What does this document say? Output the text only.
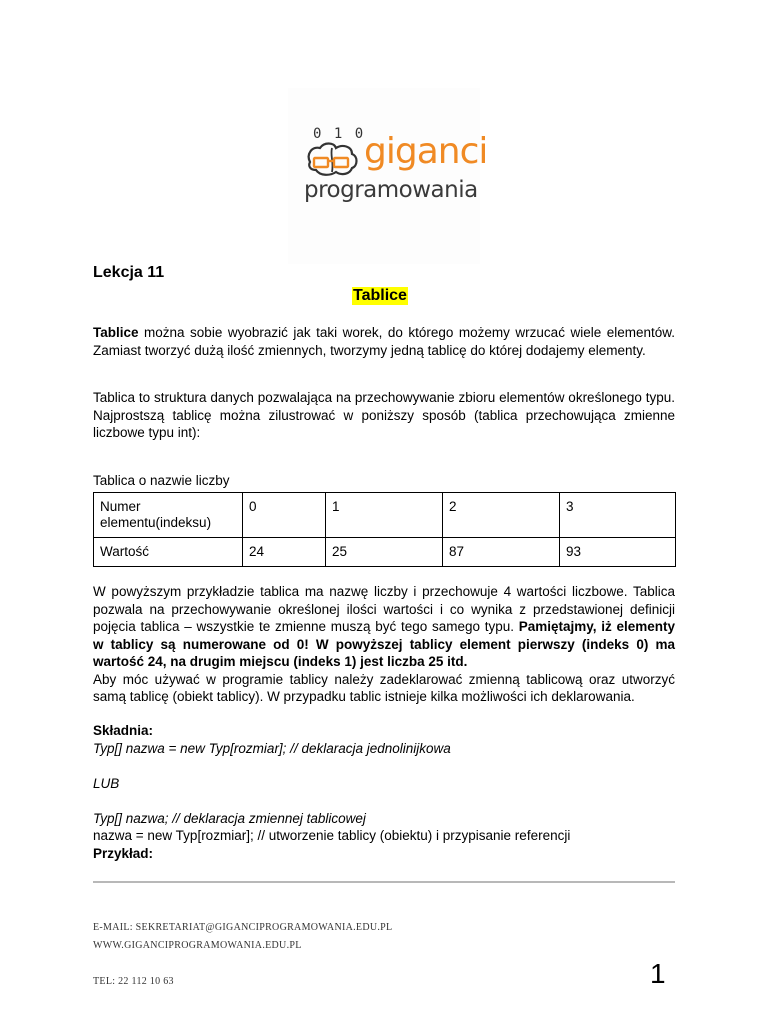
0 1 0
giganci
programowania
Lekcja 11
Tablice
Tablice można sobie wyobrazić jak taki worek, do którego możemy wrzucać wiele elementów. Zamiast tworzyć dużą ilość zmiennych, tworzymy jedną tablicę do której dodajemy elementy.
Tablica to struktura danych pozwalająca na przechowywanie zbioru elementów określonego typu. Najprostszą tablicę można zilustrować w poniższy sposób (tablica przechowująca zmienne liczbowe typu int):
Tablica o nazwie liczby
Numer elementu(indeksu)	0	1	2	3
Wartość	24	25	87	93
W powyższym przykładzie tablica ma nazwę liczby i przechowuje 4 wartości liczbowe. Tablica pozwala na przechowywanie określonej ilości wartości i co wynika z przedstawionej definicji pojęcia tablica – wszystkie te zmienne muszą być tego samego typu. Pamiętajmy, iż elementy w tablicy są numerowane od 0! W powyższej tablicy element pierwszy (indeks 0) ma wartość 24, na drugim miejscu (indeks 1) jest liczba 25 itd.
Aby móc używać w programie tablicy należy zadeklarować zmienną tablicową oraz utworzyć samą tablicę (obiekt tablicy). W przypadku tablic istnieje kilka możliwości ich deklarowania.
Składnia:
Typ[] nazwa = new Typ[rozmiar]; // deklaracja jednolinijkowa
LUB
Typ[] nazwa; // deklaracja zmiennej tablicowej
nazwa = new Typ[rozmiar]; // utworzenie tablicy (obiektu) i przypisanie referencji
Przykład:
E-MAIL: SEKRETARIAT@GIGANCIPROGRAMOWANIA.EDU.PL
WWW.GIGANCIPROGRAMOWANIA.EDU.PL
TEL: 22 112 10 63	1
